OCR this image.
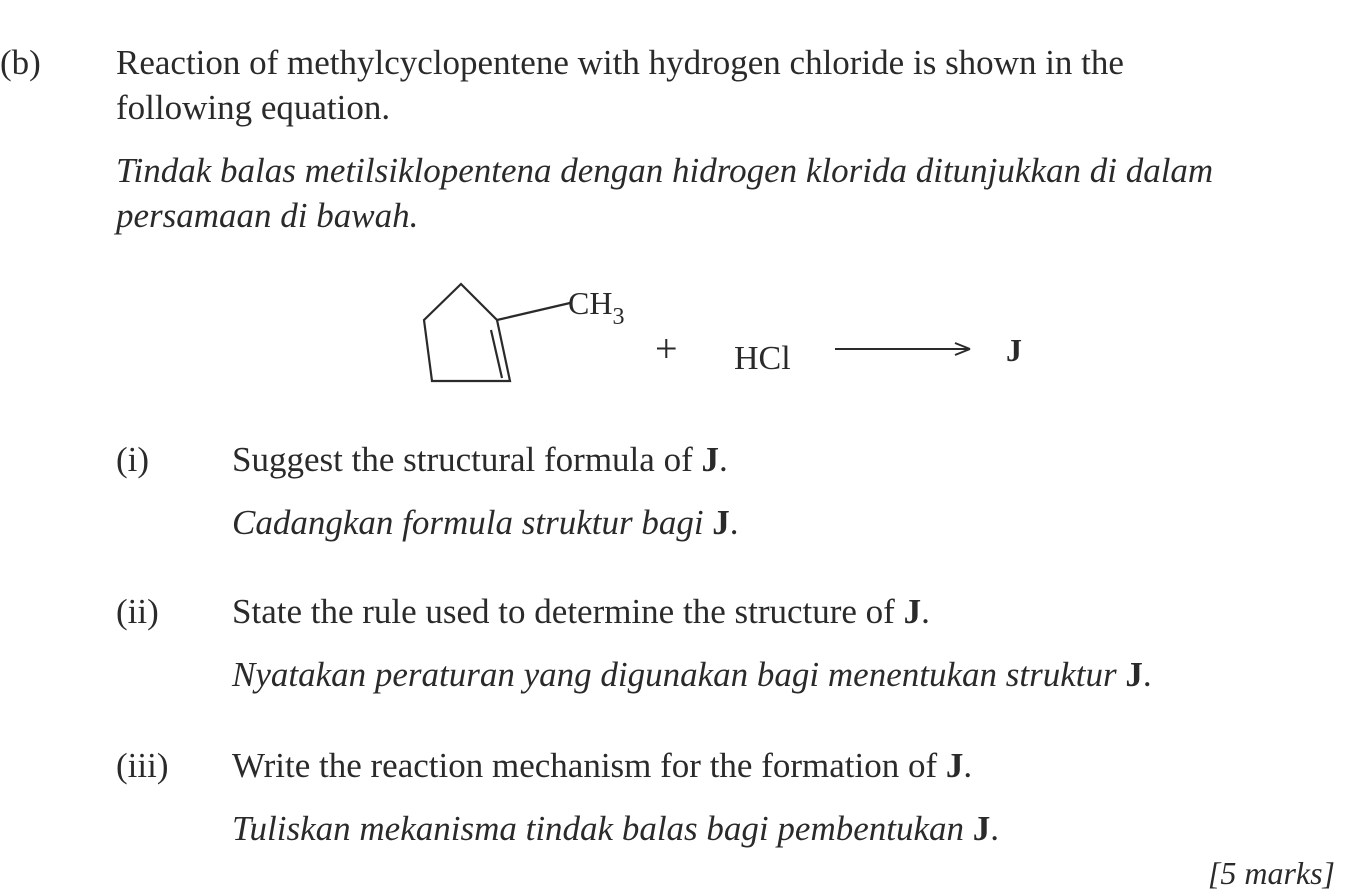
(b) Reaction of methylcyclopentene with hydrogen chloride is shown in the
following equation.
Tindak balas metilsiklopentena dengan hidrogen klorida ditunjukkan di dalam
persamaan di bawah.
$CH_3$
+ HCl	J
(i) Suggest the structural formula of J.
Cadangkan formula struktur bagi J.
(ii) State the rule used to determine the structure of J.
Nyatakan peraturan yang digunakan bagi menentukan struktur J.
(iii) Write the reaction mechanism for the formation of J.
Tuliskan mekanisma tindak balas bagi pembentukan J.
[5 marks]
